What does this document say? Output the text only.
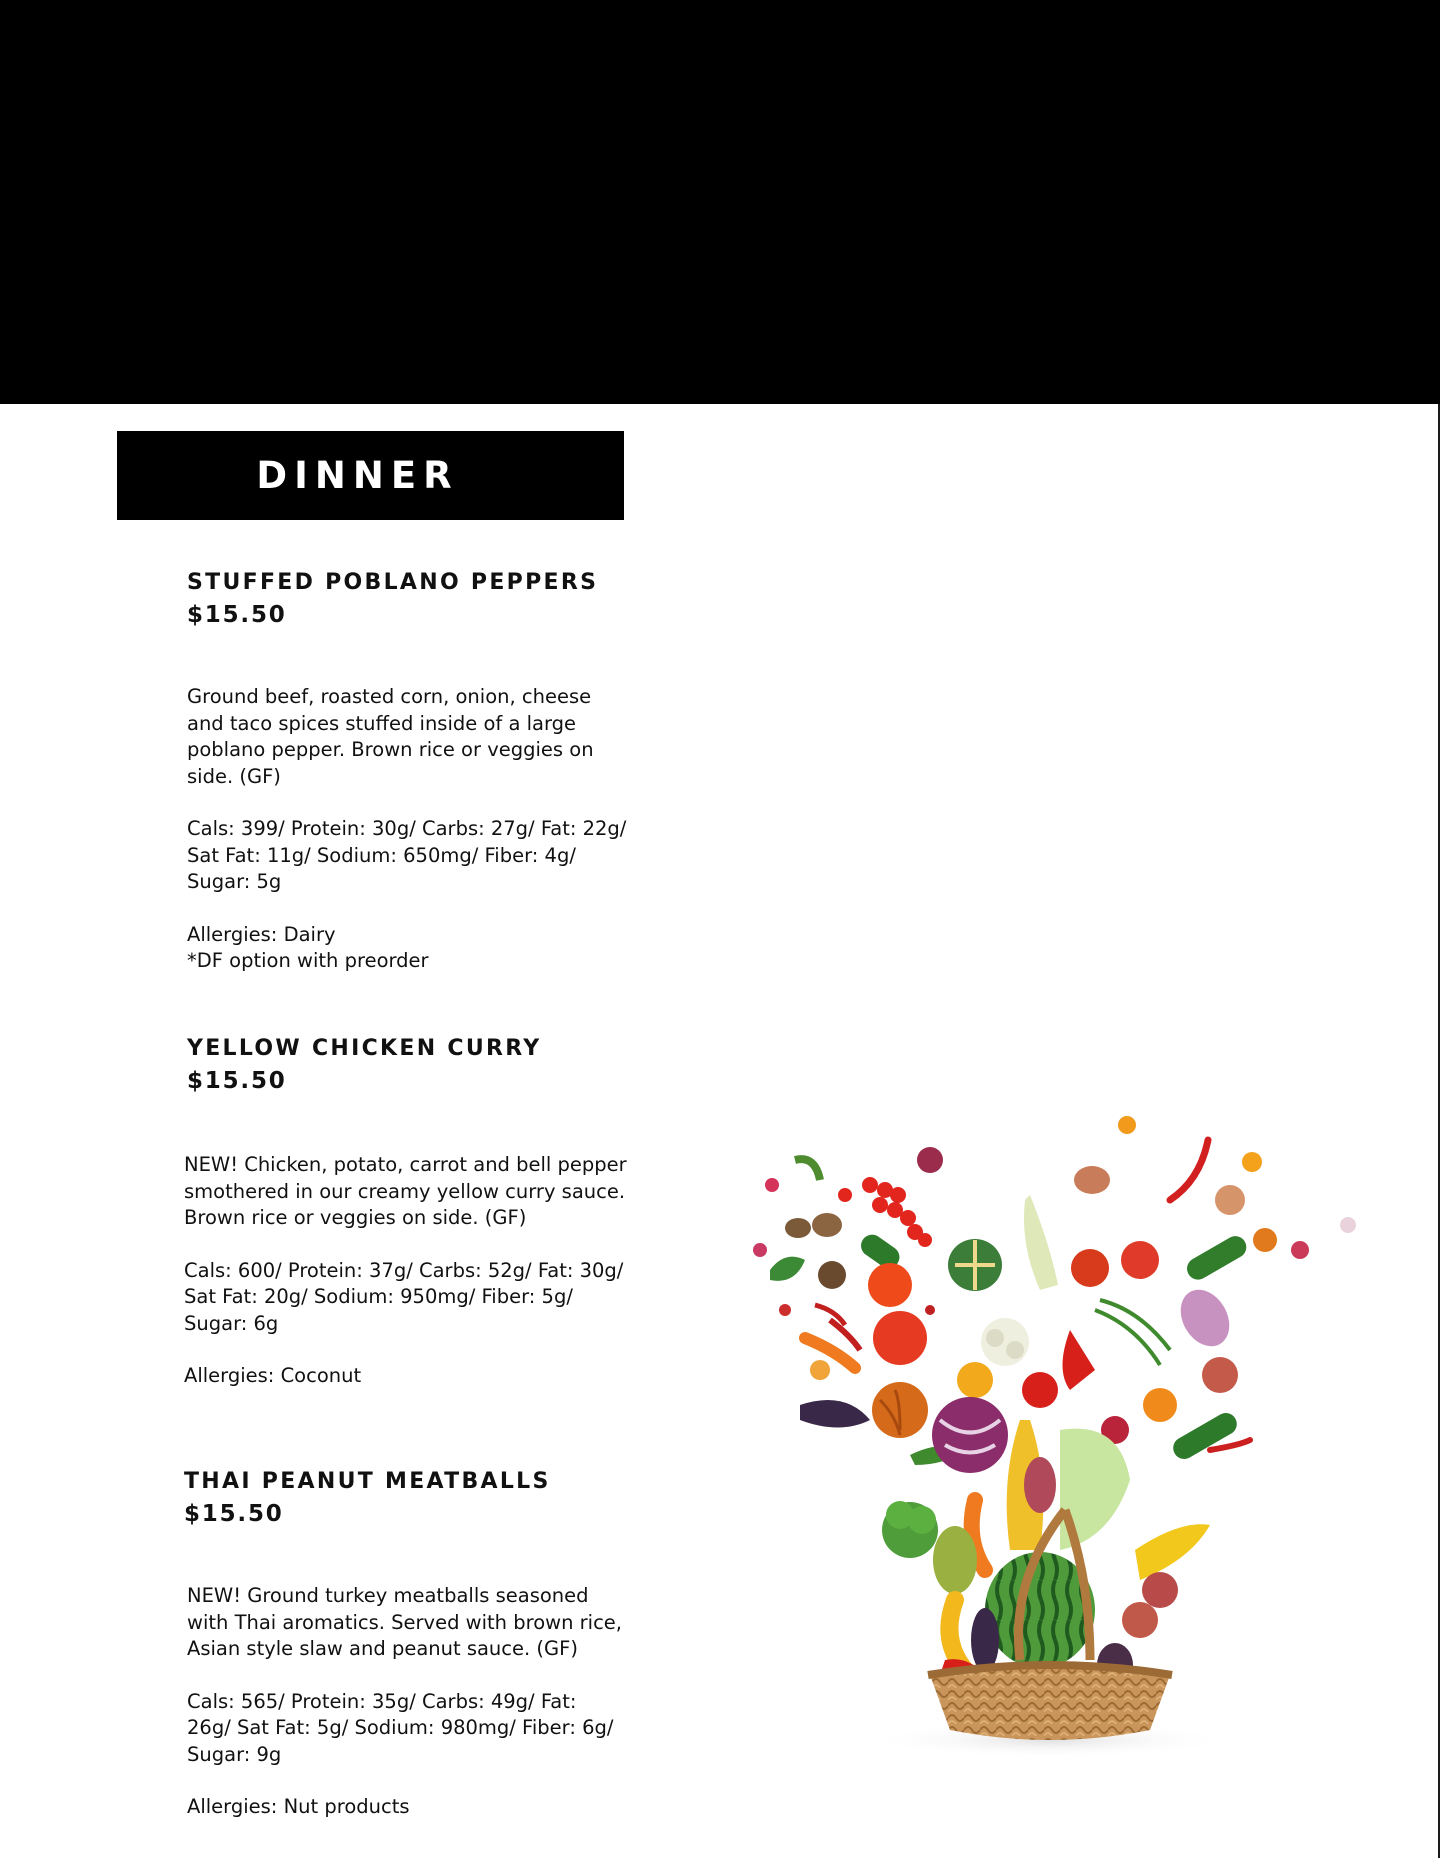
DINNER

STUFFED POBLANO PEPPERS

$15.50

Ground beef, roasted corn, onion, cheese and taco spices stuffed inside of a large poblano pepper. Brown rice or veggies on side. (GF)

Cals: 399/ Protein: 30g/ Carbs: 27g/ Fat: 22g/ Sat Fat: 11g/ Sodium: 650mg/ Fiber: 4g/ Sugar: 5g

Allergies: Dairy

*DF option with preorder

YELLOW CHICKEN CURRY

$15.50

NEW! Chicken, potato, carrot and bell pepper smothered in our creamy yellow curry sauce. Brown rice or veggies on side. (GF)

Cals: 600/ Protein: 37g/ Carbs: 52g/ Fat: 30g/ Sat Fat: 20g/ Sodium: 950mg/ Fiber: 5g/ Sugar: 6g

Allergies: Coconut

THAI PEANUT MEATBALLS

$15.50

NEW! Ground turkey meatballs seasoned with Thai aromatics. Served with brown rice, Asian style slaw and peanut sauce. (GF)

Cals: 565/ Protein: 35g/ Carbs: 49g/ Fat: 26g/ Sat Fat: 5g/ Sodium: 980mg/ Fiber: 6g/ Sugar: 9g

Allergies: Nut products
